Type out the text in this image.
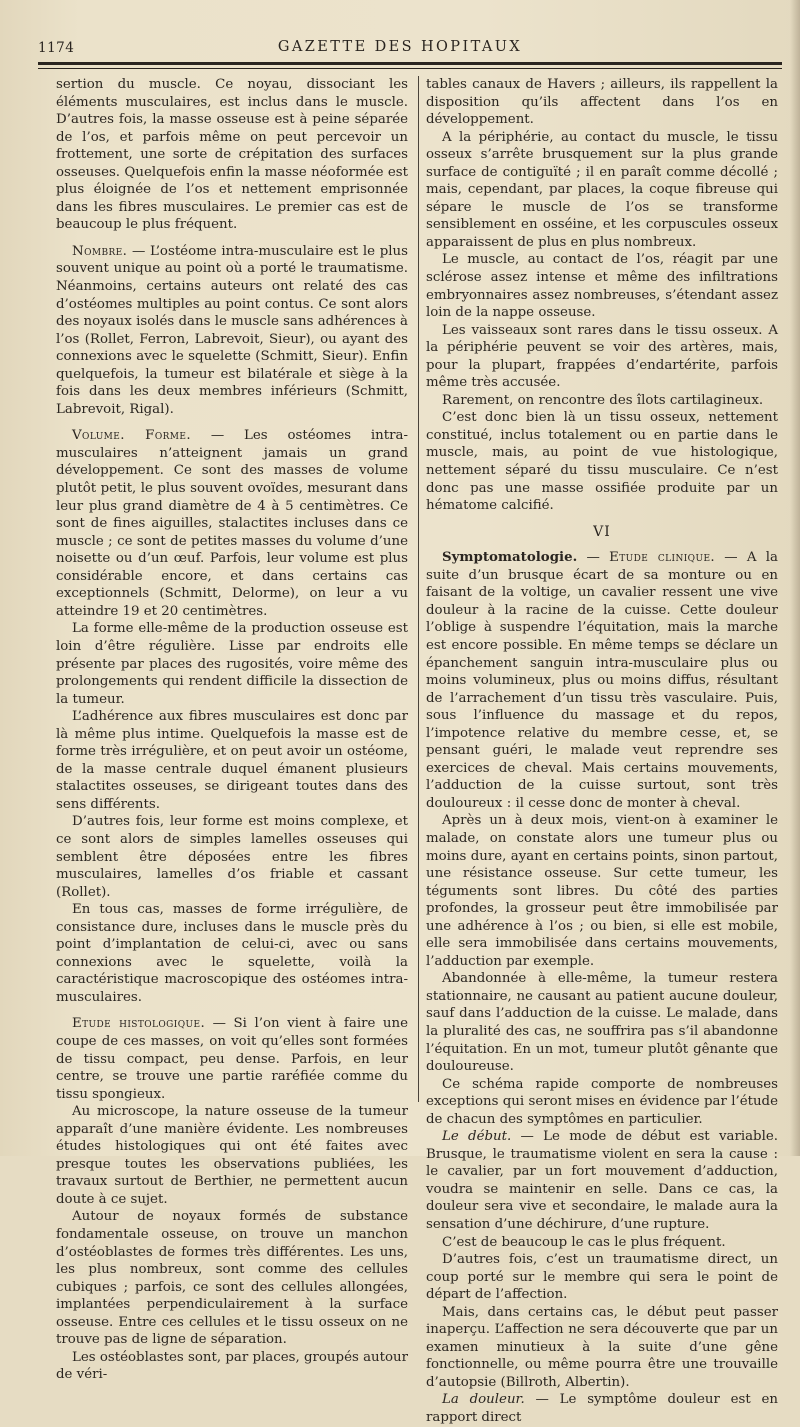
1174	GAZETTE DES HOPITAUX

sertion du muscle. Ce noyau, dissociant les éléments musculaires, est inclus dans le muscle. D’autres fois, la masse osseuse est à peine séparée de l’os, et parfois même on peut percevoir un frottement, une sorte de crépitation des surfaces osseuses. Quelquefois enfin la masse néoformée est plus éloignée de l’os et nettement emprisonnée dans les fibres musculaires. Le premier cas est de beaucoup le plus fréquent.

Nombre. — L’ostéome intra-musculaire est le plus souvent unique au point où a porté le traumatisme. Néanmoins, certains auteurs ont relaté des cas d’ostéomes multiples au point contus. Ce sont alors des noyaux isolés dans le muscle sans adhérences à l’os (Rollet, Ferron, Labrevoit, Sieur), ou ayant des connexions avec le squelette (Schmitt, Sieur). Enfin quelquefois, la tumeur est bilatérale et siège à la fois dans les deux membres inférieurs (Schmitt, Labrevoit, Rigal).

Volume. Forme. — Les ostéomes intra-musculaires n’atteignent jamais un grand développement. Ce sont des masses de volume plutôt petit, le plus souvent ovoïdes, mesurant dans leur plus grand diamètre de 4 à 5 centimètres. Ce sont de fines aiguilles, stalactites incluses dans ce muscle ; ce sont de petites masses du volume d’une noisette ou d’un œuf. Parfois, leur volume est plus considérable encore, et dans certains cas exceptionnels (Schmitt, Delorme), on leur a vu atteindre 19 et 20 centimètres.

La forme elle-même de la production osseuse est loin d’être régulière. Lisse par endroits elle présente par places des rugosités, voire même des prolongements qui rendent difficile la dissection de la tumeur.

L’adhérence aux fibres musculaires est donc par là même plus intime. Quelquefois la masse est de forme très irrégulière, et on peut avoir un ostéome, de la masse centrale duquel émanent plusieurs stalactites osseuses, se dirigeant toutes dans des sens différents.

D’autres fois, leur forme est moins complexe, et ce sont alors de simples lamelles osseuses qui semblent être déposées entre les fibres musculaires, lamelles d’os friable et cassant (Rollet).

En tous cas, masses de forme irrégulière, de consistance dure, incluses dans le muscle près du point d’implantation de celui-ci, avec ou sans connexions avec le squelette, voilà la caractéristique macroscopique des ostéomes intra-musculaires.

Etude histologique. — Si l’on vient à faire une coupe de ces masses, on voit qu’elles sont formées de tissu compact, peu dense. Parfois, en leur centre, se trouve une partie raréfiée comme du tissu spongieux.

Au microscope, la nature osseuse de la tumeur apparaît d’une manière évidente. Les nombreuses études histologiques qui ont été faites avec presque toutes les observations publiées, les travaux surtout de Berthier, ne permettent aucun doute à ce sujet.

Autour de noyaux formés de substance fondamentale osseuse, on trouve un manchon d’ostéoblastes de formes très différentes. Les uns, les plus nombreux, sont comme des cellules cubiques ; parfois, ce sont des cellules allongées, implantées perpendiculairement à la surface osseuse. Entre ces cellules et le tissu osseux on ne trouve pas de ligne de séparation.

Les ostéoblastes sont, par places, groupés autour de véri-

tables canaux de Havers ; ailleurs, ils rappellent la disposition qu’ils affectent dans l’os en développement.

A la périphérie, au contact du muscle, le tissu osseux s’arrête brusquement sur la plus grande surface de contiguïté ; il en paraît comme décollé ; mais, cependant, par places, la coque fibreuse qui sépare le muscle de l’os se transforme sensiblement en osséine, et les corpuscules osseux apparaissent de plus en plus nombreux.

Le muscle, au contact de l’os, réagit par une sclérose assez intense et même des infiltrations embryonnaires assez nombreuses, s’étendant assez loin de la nappe osseuse.

Les vaisseaux sont rares dans le tissu osseux. A la périphérie peuvent se voir des artères, mais, pour la plupart, frappées d’endartérite, parfois même très accusée.

Rarement, on rencontre des îlots cartilagineux.

C’est donc bien là un tissu osseux, nettement constitué, inclus totalement ou en partie dans le muscle, mais, au point de vue histologique, nettement séparé du tissu musculaire. Ce n’est donc pas une masse ossifiée produite par un hématome calcifié.

VI

Symptomatologie. — Etude clinique. — A la suite d’un brusque écart de sa monture ou en faisant de la voltige, un cavalier ressent une vive douleur à la racine de la cuisse. Cette douleur l’oblige à suspendre l’équitation, mais la marche est encore possible. En même temps se déclare un épanchement sanguin intra-musculaire plus ou moins volumineux, plus ou moins diffus, résultant de l’arrachement d’un tissu très vasculaire. Puis, sous l’influence du massage et du repos, l’impotence relative du membre cesse, et, se pensant guéri, le malade veut reprendre ses exercices de cheval. Mais certains mouvements, l’adduction de la cuisse surtout, sont très douloureux : il cesse donc de monter à cheval.

Après un à deux mois, vient-on à examiner le malade, on constate alors une tumeur plus ou moins dure, ayant en certains points, sinon partout, une résistance osseuse. Sur cette tumeur, les téguments sont libres. Du côté des parties profondes, la grosseur peut être immobilisée par une adhérence à l’os ; ou bien, si elle est mobile, elle sera immobilisée dans certains mouvements, l’adduction par exemple.

Abandonnée à elle-même, la tumeur restera stationnaire, ne causant au patient aucune douleur, sauf dans l’adduction de la cuisse. Le malade, dans la pluralité des cas, ne souffrira pas s’il abandonne l’équitation. En un mot, tumeur plutôt gênante que douloureuse.

Ce schéma rapide comporte de nombreuses exceptions qui seront mises en évidence par l’étude de chacun des symptômes en particulier.

Le début. — Le mode de début est variable. Brusque, le traumatisme violent en sera la cause : le cavalier, par un fort mouvement d’adduction, voudra se maintenir en selle. Dans ce cas, la douleur sera vive et secondaire, le malade aura la sensation d’une déchirure, d’une rupture.

C’est de beaucoup le cas le plus fréquent.

D’autres fois, c’est un traumatisme direct, un coup porté sur le membre qui sera le point de départ de l’affection.

Mais, dans certains cas, le début peut passer inaperçu. L’affection ne sera découverte que par un examen minutieux à la suite d’une gêne fonctionnelle, ou même pourra être une trouvaille d’autopsie (Billroth, Albertin).

La douleur. — Le symptôme douleur est en rapport direct
